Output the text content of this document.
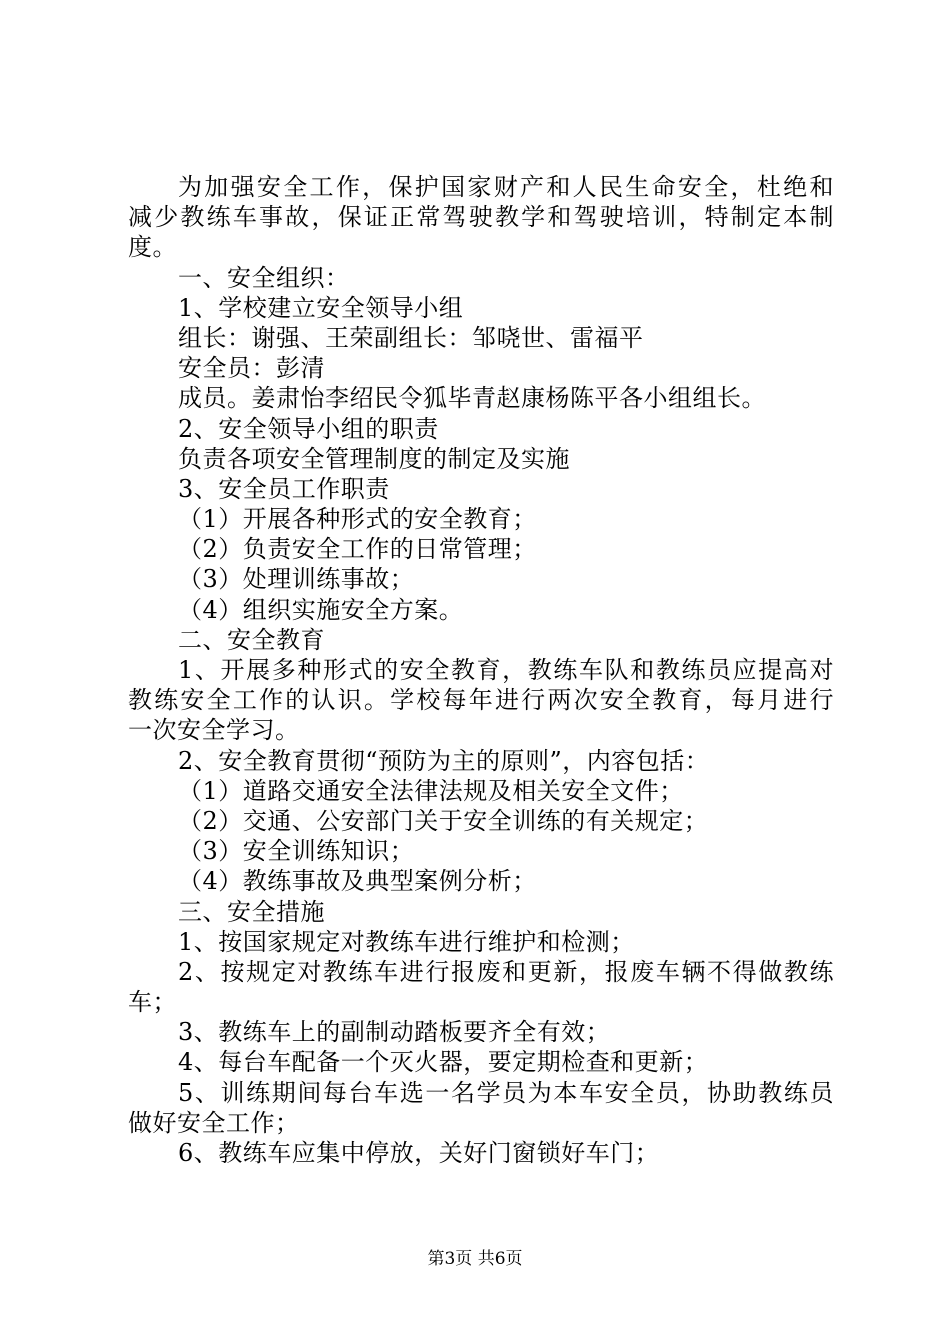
为加强安全工作，保护国家财产和人民生命安全，杜绝和
减少教练车事故，保证正常驾驶教学和驾驶培训，特制定本制
度。
一、安全组织：
1、学校建立安全领导小组
组长：谢强、王荣副组长：邹哓世、雷福平
安全员：彭清
成员。姜肃怡李绍民令狐毕青赵康杨陈平各小组组长。
2、安全领导小组的职责
负责各项安全管理制度的制定及实施
3、安全员工作职责
（1）开展各种形式的安全教育；
（2）负责安全工作的日常管理；
（3）处理训练事故；
（4）组织实施安全方案。
二、安全教育
1、开展多种形式的安全教育，教练车队和教练员应提高对
教练安全工作的认识。学校每年进行两次安全教育，每月进行
一次安全学习。
2、安全教育贯彻“预防为主的原则”，内容包括：
（1）道路交通安全法律法规及相关安全文件；
（2）交通、公安部门关于安全训练的有关规定；
（3）安全训练知识；
（4）教练事故及典型案例分析；
三、安全措施
1、按国家规定对教练车进行维护和检测；
2、按规定对教练车进行报废和更新，报废车辆不得做教练
车；
3、教练车上的副制动踏板要齐全有效；
4、每台车配备一个灭火器，要定期检查和更新；
5、训练期间每台车选一名学员为本车安全员，协助教练员
做好安全工作；
6、教练车应集中停放，关好门窗锁好车门；
第3页 共6页
